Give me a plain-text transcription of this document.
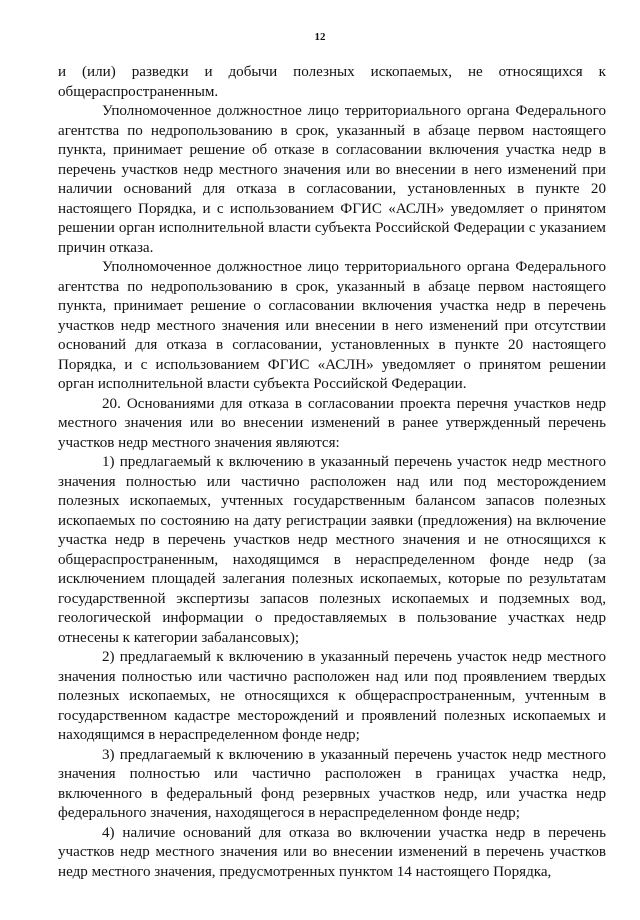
12

и (или) разведки и добычи полезных ископаемых, не относящихся к общераспространенным.

Уполномоченное должностное лицо территориального органа Федерального агентства по недропользованию в срок, указанный в абзаце первом настоящего пункта, принимает решение об отказе в согласовании включения участка недр в перечень участков недр местного значения или во внесении в него изменений при наличии оснований для отказа в согласовании, установленных в пункте 20 настоящего Порядка, и с использованием ФГИС «АСЛН» уведомляет о принятом решении орган исполнительной власти субъекта Российской Федерации с указанием причин отказа.

Уполномоченное должностное лицо территориального органа Федерального агентства по недропользованию в срок, указанный в абзаце первом настоящего пункта, принимает решение о согласовании включения участка недр в перечень участков недр местного значения или внесении в него изменений при отсутствии оснований для отказа в согласовании, установленных в пункте 20 настоящего Порядка, и с использованием ФГИС «АСЛН» уведомляет о принятом решении орган исполнительной власти субъекта Российской Федерации.

20. Основаниями для отказа в согласовании проекта перечня участков недр местного значения или во внесении изменений в ранее утвержденный перечень участков недр местного значения являются:

1) предлагаемый к включению в указанный перечень участок недр местного значения полностью или частично расположен над или под месторождением полезных ископаемых, учтенных государственным балансом запасов полезных ископаемых по состоянию на дату регистрации заявки (предложения) на включение участка недр в перечень участков недр местного значения и не относящихся к общераспространенным, находящимся в нераспределенном фонде недр (за исключением площадей залегания полезных ископаемых, которые по результатам государственной экспертизы запасов полезных ископаемых и подземных вод, геологической информации о предоставляемых в пользование участках недр отнесены к категории забалансовых);

2) предлагаемый к включению в указанный перечень участок недр местного значения полностью или частично расположен над или под проявлением твердых полезных ископаемых, не относящихся к общераспространенным, учтенным в государственном кадастре месторождений и проявлений полезных ископаемых и находящимся в нераспределенном фонде недр;

3) предлагаемый к включению в указанный перечень участок недр местного значения полностью или частично расположен в границах участка недр, включенного в федеральный фонд резервных участков недр, или участка недр федерального значения, находящегося в нераспределенном фонде недр;

4) наличие оснований для отказа во включении участка недр в перечень участков недр местного значения или во внесении изменений в перечень участков недр местного значения, предусмотренных пунктом 14 настоящего Порядка,
